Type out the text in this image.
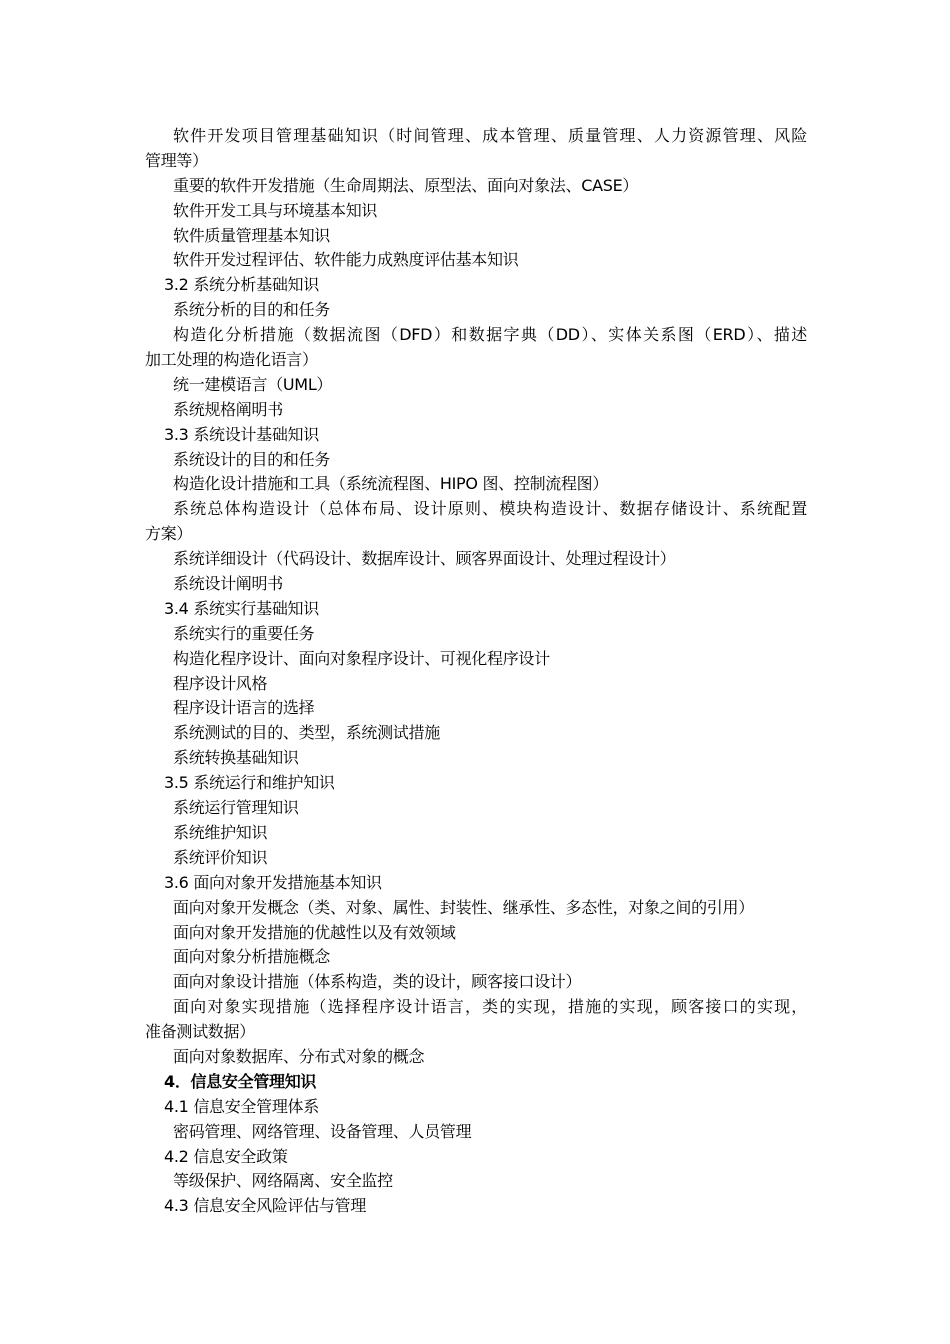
软件开发项目管理基础知识（时间管理、成本管理、质量管理、人力资源管理、风险
管理等）
重要的软件开发措施（生命周期法、原型法、面向对象法、CASE）
软件开发工具与环境基本知识
软件质量管理基本知识
软件开发过程评估、软件能力成熟度评估基本知识
3.2 系统分析基础知识
系统分析的目的和任务
构造化分析措施（数据流图（DFD）和数据字典（DD）、实体关系图（ERD）、描述
加工处理的构造化语言）
统一建模语言（UML）
系统规格阐明书
3.3 系统设计基础知识
系统设计的目的和任务
构造化设计措施和工具（系统流程图、HIPO 图、控制流程图）
系统总体构造设计（总体布局、设计原则、模块构造设计、数据存储设计、系统配置
方案）
系统详细设计（代码设计、数据库设计、顾客界面设计、处理过程设计）
系统设计阐明书
3.4 系统实行基础知识
系统实行的重要任务
构造化程序设计、面向对象程序设计、可视化程序设计
程序设计风格
程序设计语言的选择
系统测试的目的、类型，系统测试措施
系统转换基础知识
3.5 系统运行和维护知识
系统运行管理知识
系统维护知识
系统评价知识
3.6 面向对象开发措施基本知识
面向对象开发概念（类、对象、属性、封装性、继承性、多态性，对象之间的引用）
面向对象开发措施的优越性以及有效领域
面向对象分析措施概念
面向对象设计措施（体系构造，类的设计，顾客接口设计）
面向对象实现措施（选择程序设计语言，类的实现，措施的实现，顾客接口的实现，
准备测试数据）
面向对象数据库、分布式对象的概念
4．信息安全管理知识
4.1 信息安全管理体系
密码管理、网络管理、设备管理、人员管理
4.2 信息安全政策
等级保护、网络隔离、安全监控
4.3 信息安全风险评估与管理
